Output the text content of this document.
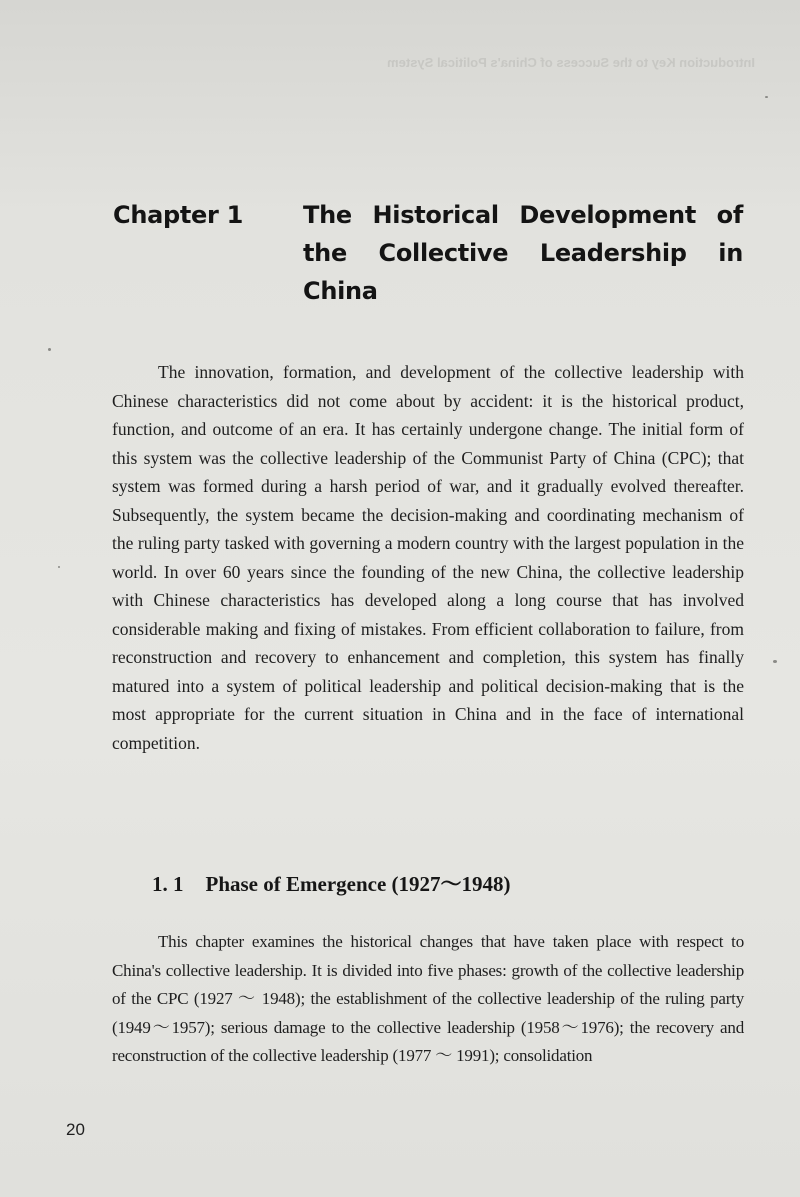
Introduction Key to the Success of China's Political System

Chapter 1 The Historical Development of the Collective Leadership in China

The innovation, formation, and development of the collective leadership with Chinese characteristics did not come about by accident: it is the historical product, function, and outcome of an era. It has certainly undergone change. The initial form of this system was the collective leadership of the Communist Party of China (CPC); that system was formed during a harsh period of war, and it gradually evolved thereafter. Subsequently, the system became the decision-making and coordinating mechanism of the ruling party tasked with governing a modern country with the largest population in the world. In over 60 years since the founding of the new China, the collective leadership with Chinese characteristics has developed along a long course that has involved considerable making and fixing of mistakes. From efficient collaboration to failure, from reconstruction and recovery to enhancement and completion, this system has finally matured into a system of political leadership and political decision-making that is the most appropriate for the current situation in China and in the face of international competition.

1. 1 Phase of Emergence (1927～1948)

This chapter examines the historical changes that have taken place with respect to China's collective leadership. It is divided into five phases: growth of the collective leadership of the CPC (1927 ～ 1948); the establishment of the collective leadership of the ruling party (1949～1957); serious damage to the collective leadership (1958～1976); the recovery and reconstruction of the collective leadership (1977 ～ 1991); consolidation

20
